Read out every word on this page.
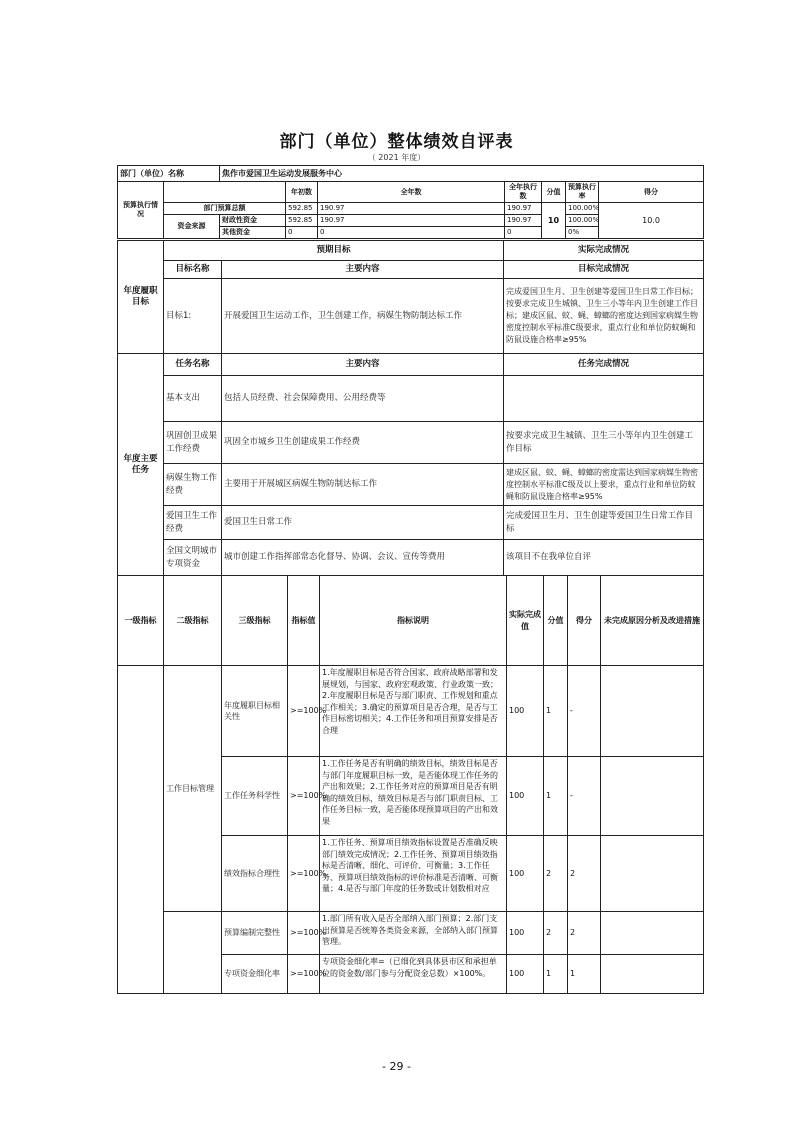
部门（单位）整体绩效自评表
（ 2021 年度）
部门（单位）名称		焦作市爱国卫生运动发展服务中心						
预算执行情况			年初数	全年数	全年执行数	分值	预算执行率	得分
	部门预算总额		592.85	190.97	190.97	10	100.00%	10.0
	资金来源	财政性资金	592.85	190.97	190.97		100.00%	
		其他资金	0	0	0		0%	
年度履职目标	预期目标		实际完成情况
	目标名称	主要内容	目标完成情况
	目标1:	开展爱国卫生运动工作，卫生创建工作，病媒生物防制达标工作	完成爱国卫生月、卫生创建等爱国卫生日常工作目标；按要求完成卫生城镇、卫生三小等年内卫生创建工作目标；建成区鼠、蚊、蝇、蟑螂的密度达到国家病媒生物密度控制水平标准C级要求，重点行业和单位防蚊蝇和防鼠设施合格率≥95%
年度主要任务	任务名称	主要内容	任务完成情况
	基本支出	包括人员经费、社会保障费用、公用经费等	
	巩固创卫成果工作经费	巩固全市城乡卫生创建成果工作经费	按要求完成卫生城镇、卫生三小等年内卫生创建工作目标
	病媒生物工作经费	主要用于开展城区病媒生物防制达标工作	建成区鼠、蚊、蝇、蟑螂的密度需达到国家病媒生物密度控制水平标准C级及以上要求，重点行业和单位防蚊蝇和防鼠设施合格率≥95%
	爱国卫生工作经费	爱国卫生日常工作	完成爱国卫生月、卫生创建等爱国卫生日常工作目标
	全国文明城市专项资金	城市创建工作指挥部常态化督导、协调、会议、宣传等费用	该项目不在我单位自评
一级指标	二级指标	三级指标	指标值	指标说明	实际完成值	分值	得分	未完成原因分析及改进措施
	工作目标管理	年度履职目标相关性	>=100%	1.年度履职目标是否符合国家、政府战略部署和发展规划，与国家、政府宏观政策、行业政策一致；2.年度履职目标是否与部门职责、工作规划和重点工作相关；3.确定的预算项目是否合理，是否与工作目标密切相关；4.工作任务和项目预算安排是否合理	100	1	-	
		工作任务科学性	>=100%	1.工作任务是否有明确的绩效目标，绩效目标是否与部门年度履职目标一致，是否能体现工作任务的产出和效果；2.工作任务对应的预算项目是否有明确的绩效目标，绩效目标是否与部门职责目标、工作任务目标一致，是否能体现预算项目的产出和效果	100	1	-	
		绩效指标合理性	>=100%	1.工作任务、预算项目绩效指标设置是否准确反映部门绩效完成情况；2.工作任务、预算项目绩效指标是否清晰、细化、可评价、可衡量；3.工作任务、预算项目绩效指标的评价标准是否清晰、可衡量；4.是否与部门年度的任务数或计划数相对应	100	2	2	
		预算编制完整性	>=100%	1.部门所有收入是否全部纳入部门预算；2.部门支出预算是否统筹各类资金来源，全部纳入部门预算管理。	100	2	2	
		专项资金细化率	>=100%	专项资金细化率=（已细化到具体县市区和承担单位的资金数/部门参与分配资金总数）×100%。	100	1	1	
- 29 -
